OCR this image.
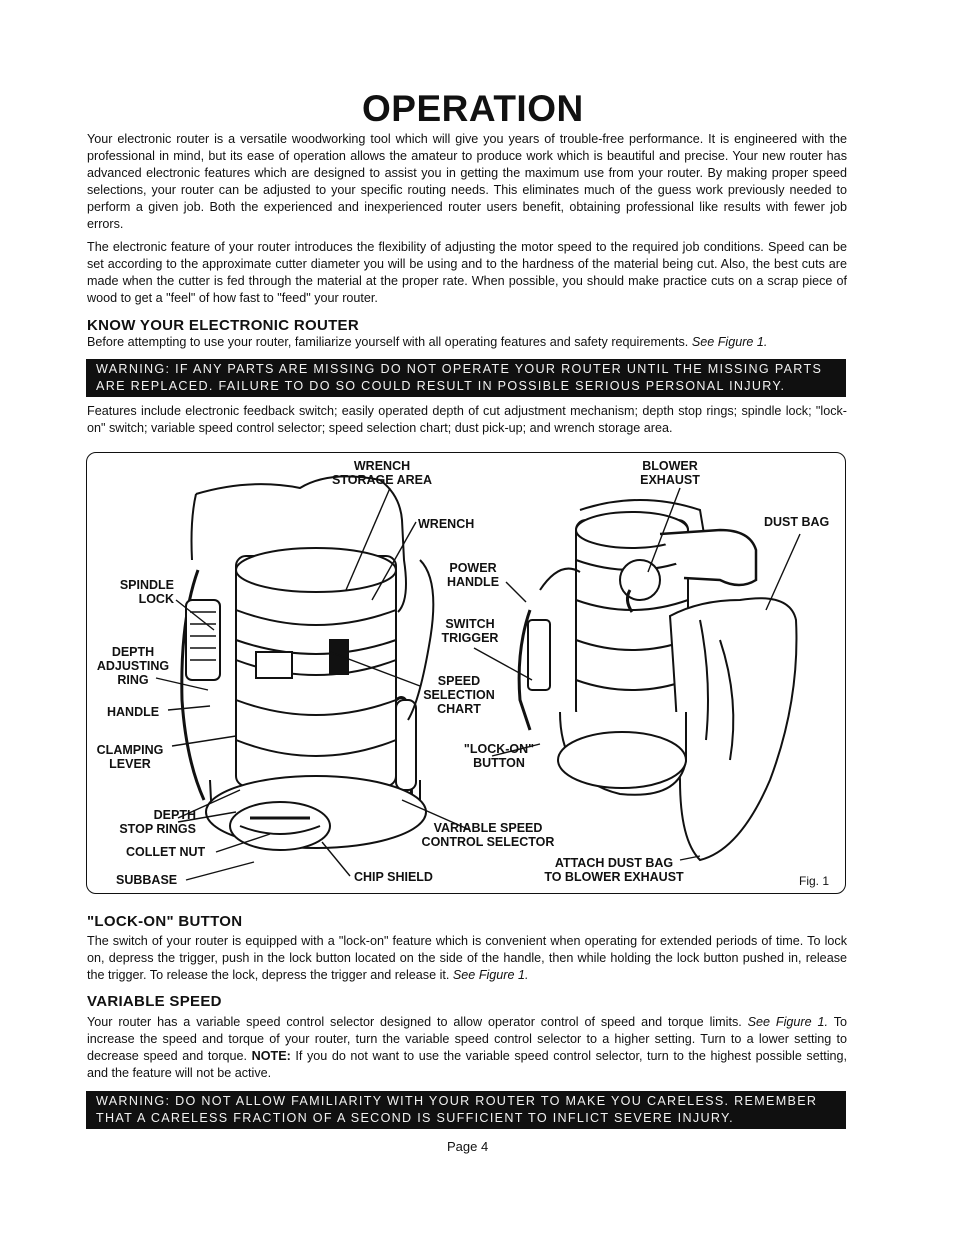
OPERATION

Your electronic router is a versatile woodworking tool which will give you years of trouble-free performance. It is engineered with the professional in mind, but its ease of operation allows the amateur to produce work which is beautiful and precise. Your new router has advanced electronic features which are designed to assist you in getting the maximum use from your router. By making proper speed selections, your router can be adjusted to your specific routing needs. This eliminates much of the guess work previously needed to perform a given job. Both the experienced and inexperienced router users benefit, obtaining professional like results with fewer job errors.

The electronic feature of your router introduces the flexibility of adjusting the motor speed to the required job conditions. Speed can be set according to the approximate cutter diameter you will be using and to the hardness of the material being cut. Also, the best cuts are made when the cutter is fed through the material at the proper rate. When possible, you should make practice cuts on a scrap piece of wood to get a "feel" of how fast to "feed" your router.

KNOW YOUR ELECTRONIC ROUTER

Before attempting to use your router, familiarize yourself with all operating features and safety requirements. See Figure 1.

WARNING: IF ANY PARTS ARE MISSING DO NOT OPERATE YOUR ROUTER UNTIL THE MISSING PARTS ARE REPLACED. FAILURE TO DO SO COULD RESULT IN POSSIBLE SERIOUS PERSONAL INJURY.

Features include electronic feedback switch; easily operated depth of cut adjustment mechanism; depth stop rings; spindle lock; "lock-on" switch; variable speed control selector; speed selection chart; dust pick-up; and wrench storage area.

WRENCH
STORAGE AREA
BLOWER
EXHAUST
WRENCH	DUST BAG
POWER
HANDLE
SPINDLE
LOCK
SWITCH
TRIGGER
DEPTH
ADJUSTING
RING	SPEED
SELECTION
CHART
HANDLE
"LOCK-ON"
BUTTON
CLAMPING
LEVER
DEPTH
STOP RINGS	VARIABLE SPEED
CONTROL SELECTOR
COLLET NUT
ATTACH DUST BAG
TO BLOWER EXHAUST
SUBBASE	CHIP SHIELD	Fig. 1
"LOCK-ON" BUTTON

The switch of your router is equipped with a "lock-on" feature which is convenient when operating for extended periods of time. To lock on, depress the trigger, push in the lock button located on the side of the handle, then while holding the lock button pushed in, release the trigger. To release the lock, depress the trigger and release it. See Figure 1.

VARIABLE SPEED

Your router has a variable speed control selector designed to allow operator control of speed and torque limits. See Figure 1. To increase the speed and torque of your router, turn the variable speed control selector to a higher setting. Turn to a lower setting to decrease speed and torque. NOTE: If you do not want to use the variable speed control selector, turn to the highest possible setting, and the feature will not be active.

WARNING: DO NOT ALLOW FAMILIARITY WITH YOUR ROUTER TO MAKE YOU CARELESS. REMEMBER THAT A CARELESS FRACTION OF A SECOND IS SUFFICIENT TO INFLICT SEVERE INJURY.
Page 4
